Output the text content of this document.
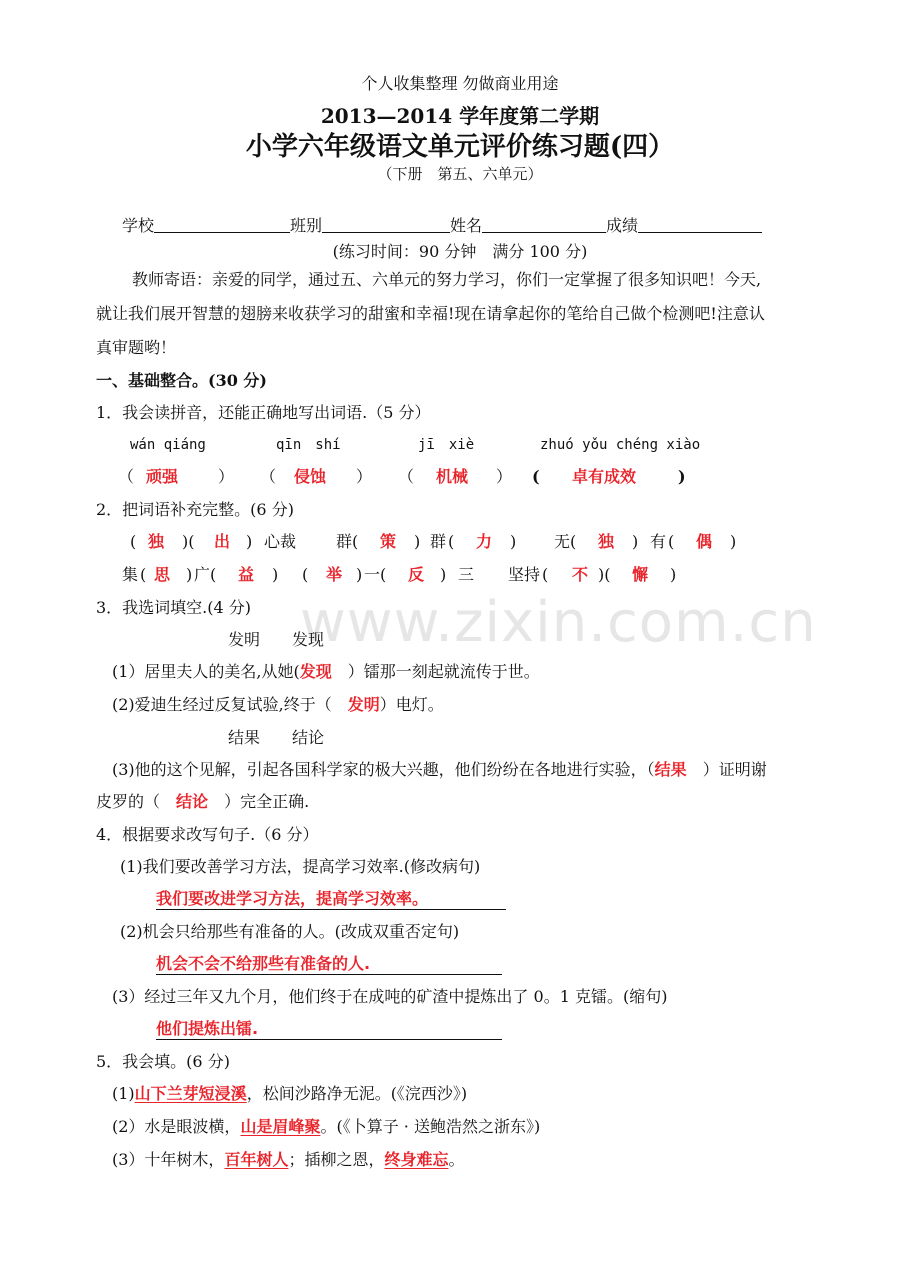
www.zixin.com.cn
个人收集整理 勿做商业用途
2013—2014 学年度第二学期
小学六年级语文单元评价练习题(四）
（下册　第五、六单元）
学校	班别	姓名	成绩
(练习时间：90 分钟　满分 100 分)
教师寄语：亲爱的同学，通过五、六单元的努力学习，你们一定掌握了很多知识吧！今天,
就让我们展开智慧的翅膀来收获学习的甜蜜和幸福!现在请拿起你的笔给自己做个检测吧!注意认
真审题哟！
一、基础整合。(30 分)
1．我会读拼音，还能正确地写出词语.（5 分）
wán qiáng	qīn　shí	jī　xiè	zhuó yǒu chéng xiào
（ 顽强 ） （ 侵蚀 ） （ 机械 ） ( 卓有成效	)
2．把词语补充完整。(6 分)
( 独 )( 出 ) 心裁 群 ( 策 ) 群 ( 力 ) 无 ( 独 ) 有 ( 偶 )
集 ( 思 ) 广 ( 益 ) ( 举 ) 一 ( 反 ) 三 坚持 ( 不 )( 懈 )
3．我选词填空.(4 分)
发明　　发现
(1）居里夫人的美名,从她(发现　 ）镭那一刻起就流传于世。
(2)爱迪生经过反复试验,终于（　 发明）电灯。
结果　　结论
(3)他的这个见解，引起各国科学家的极大兴趣，他们纷纷在各地进行实验，（结果　 ）证明谢
皮罗的（　 结论　 ）完全正确.
4．根据要求改写句子.（6 分）
(1)我们要改善学习方法，提高学习效率.(修改病句)
我们要改进学习方法，提高学习效率。
(2)机会只给那些有准备的人。(改成双重否定句)
机会不会不给那些有准备的人.
(3）经过三年又九个月，他们终于在成吨的矿渣中提炼出了 0。1 克镭。(缩句)
他们提炼出镭.
5．我会填。(6 分)
(1)山下兰芽短浸溪，松间沙路净无泥。(《浣西沙》)
(2）水是眼波横，山是眉峰聚。(《卜算子 · 送鲍浩然之浙东》)
(3）十年树木，百年树人；插柳之恩，终身难忘。
